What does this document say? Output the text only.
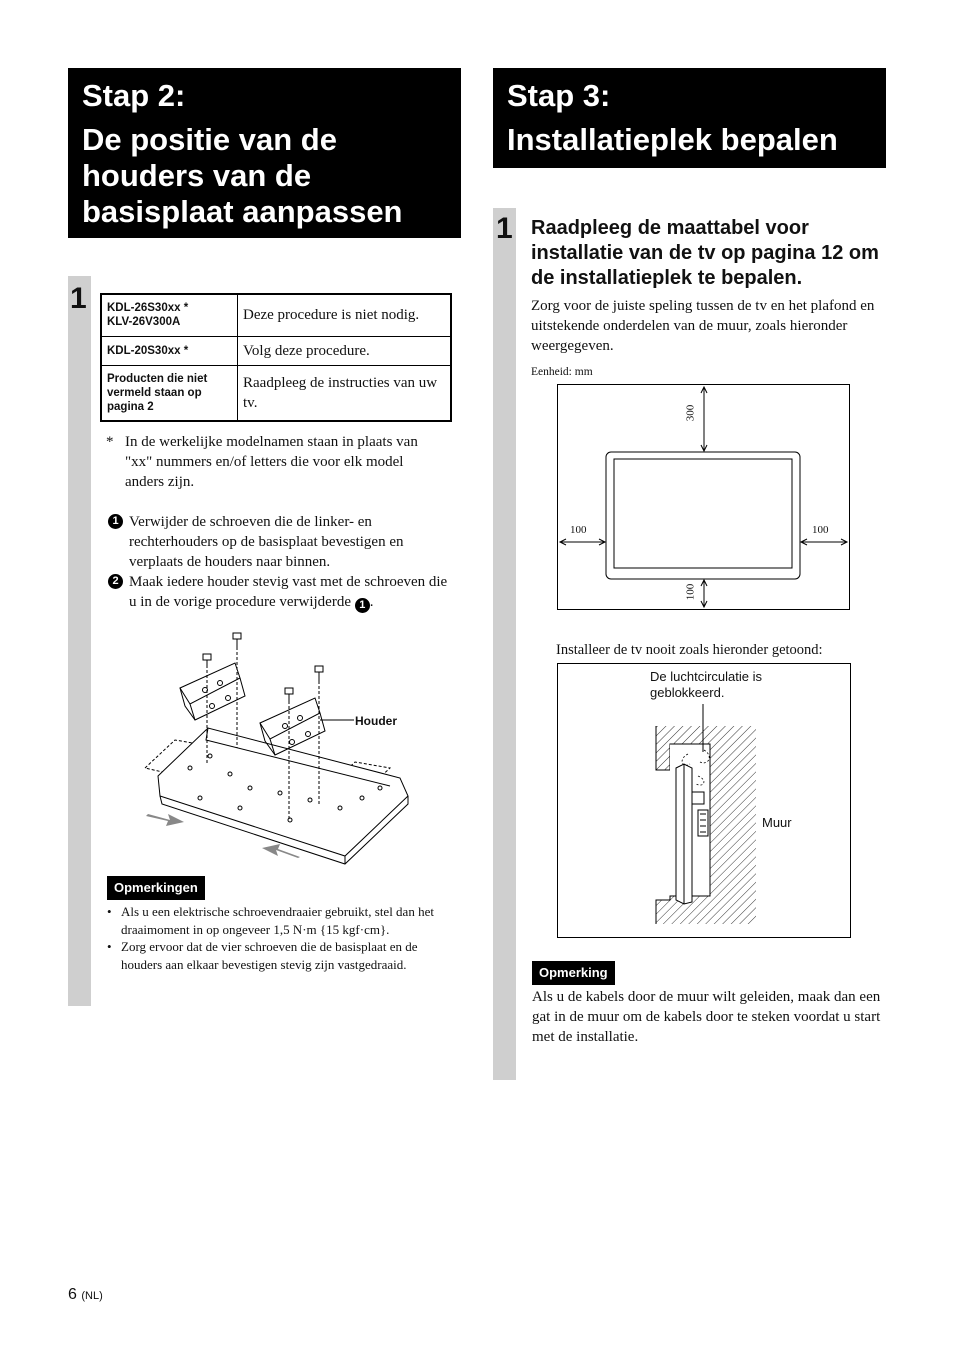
Stap 2:
De positie van de houders van de basisplaat aanpassen
1 KDL-26S30xx *
KLV-26V300A	Deze procedure is niet nodig.
KDL-20S30xx *	Volg deze procedure.
Producten die niet vermeld staan op pagina 2	Raadpleeg de instructies van uw tv.
* In de werkelijke modelnamen staan in plaats van "xx" nummers en/of letters die voor elk model anders zijn.
1 Verwijder de schroeven die de linker- en rechterhouders op de basisplaat bevestigen en verplaats de houders naar binnen.
2 Maak iedere houder stevig vast met de schroeven die u in de vorige procedure verwijderde 1 .
Houder
Opmerkingen
• Als u een elektrische schroevendraaier gebruikt, stel dan het draaimoment in op ongeveer 1,5 N·m {15 kgf·cm}.
• Zorg ervoor dat de vier schroeven die de basisplaat en de houders aan elkaar bevestigen stevig zijn vastgedraaid.
Stap 3:
Installatieplek bepalen
1 Raadpleeg de maattabel voor installatie van de tv op pagina 12 om de installatieplek te bepalen.
Zorg voor de juiste speling tussen de tv en het plafond en uitstekende onderdelen van de muur, zoals hieronder weergegeven.
Eenheid: mm
300
100	100
100
Installeer de tv nooit zoals hieronder getoond:
De luchtcirculatie is geblokkeerd.
Muur
Opmerking
Als u de kabels door de muur wilt geleiden, maak dan een gat in de muur om de kabels door te steken voordat u start met de installatie.
6 (NL)
